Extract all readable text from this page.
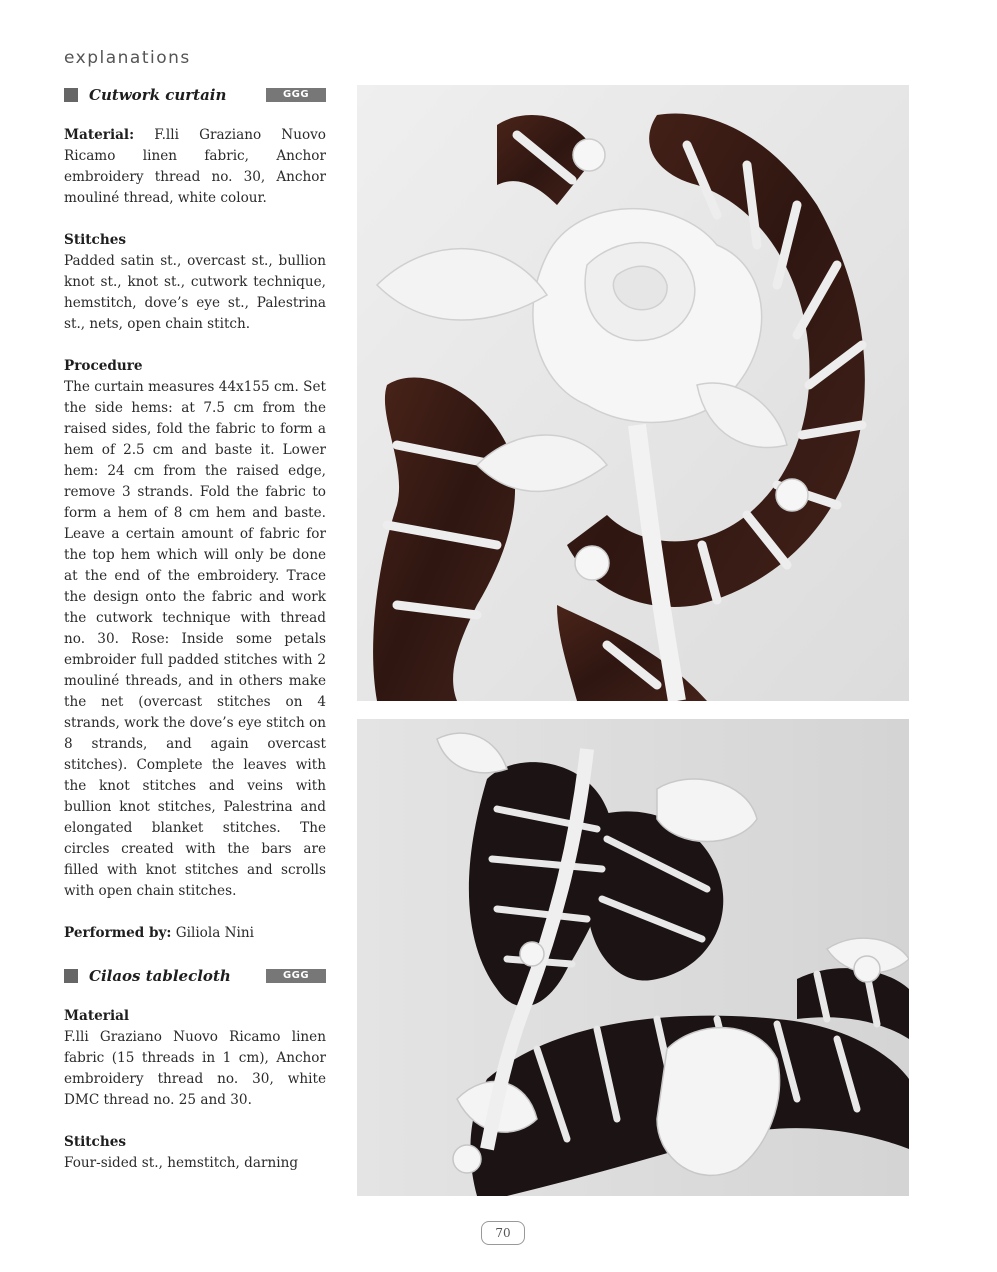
explanations
Cutwork curtain	GGG

Material: F.lli Graziano Nuovo Ricamo linen fabric, Anchor embroidery thread no. 30, Anchor mouliné thread, white colour.

Stitches

Padded satin st., overcast st., bullion knot st., knot st., cutwork technique, hemstitch, dove’s eye st., Palestrina st., nets, open chain stitch.

Procedure

The curtain measures 44x155 cm. Set the side hems: at 7.5 cm from the raised sides, fold the fabric to form a hem of 2.5 cm and baste it. Lower hem: 24 cm from the raised edge, remove 3 strands. Fold the fabric to form a hem of 8 cm hem and baste. Leave a certain amount of fabric for the top hem which will only be done at the end of the embroidery. Trace the design onto the fabric and work the cutwork technique with thread no. 30. Rose: Inside some petals embroider full padded stitches with 2 mouliné threads, and in others make the net (overcast stitches on 4 strands, work the dove’s eye stitch on 8 strands, and again overcast stitches). Complete the leaves with the knot stitches and veins with bullion knot stitches, Palestrina and elongated blanket stitches. The circles created with the bars are filled with knot stitches and scrolls with open chain stitches.

Performed by: Giliola Nini

Cilaos tablecloth	GGG

Material

F.lli Graziano Nuovo Ricamo linen fabric (15 threads in 1 cm), Anchor embroidery thread no. 30, white DMC thread no. 25 and 30.

Stitches

Four-sided st., hemstitch, darning

70
